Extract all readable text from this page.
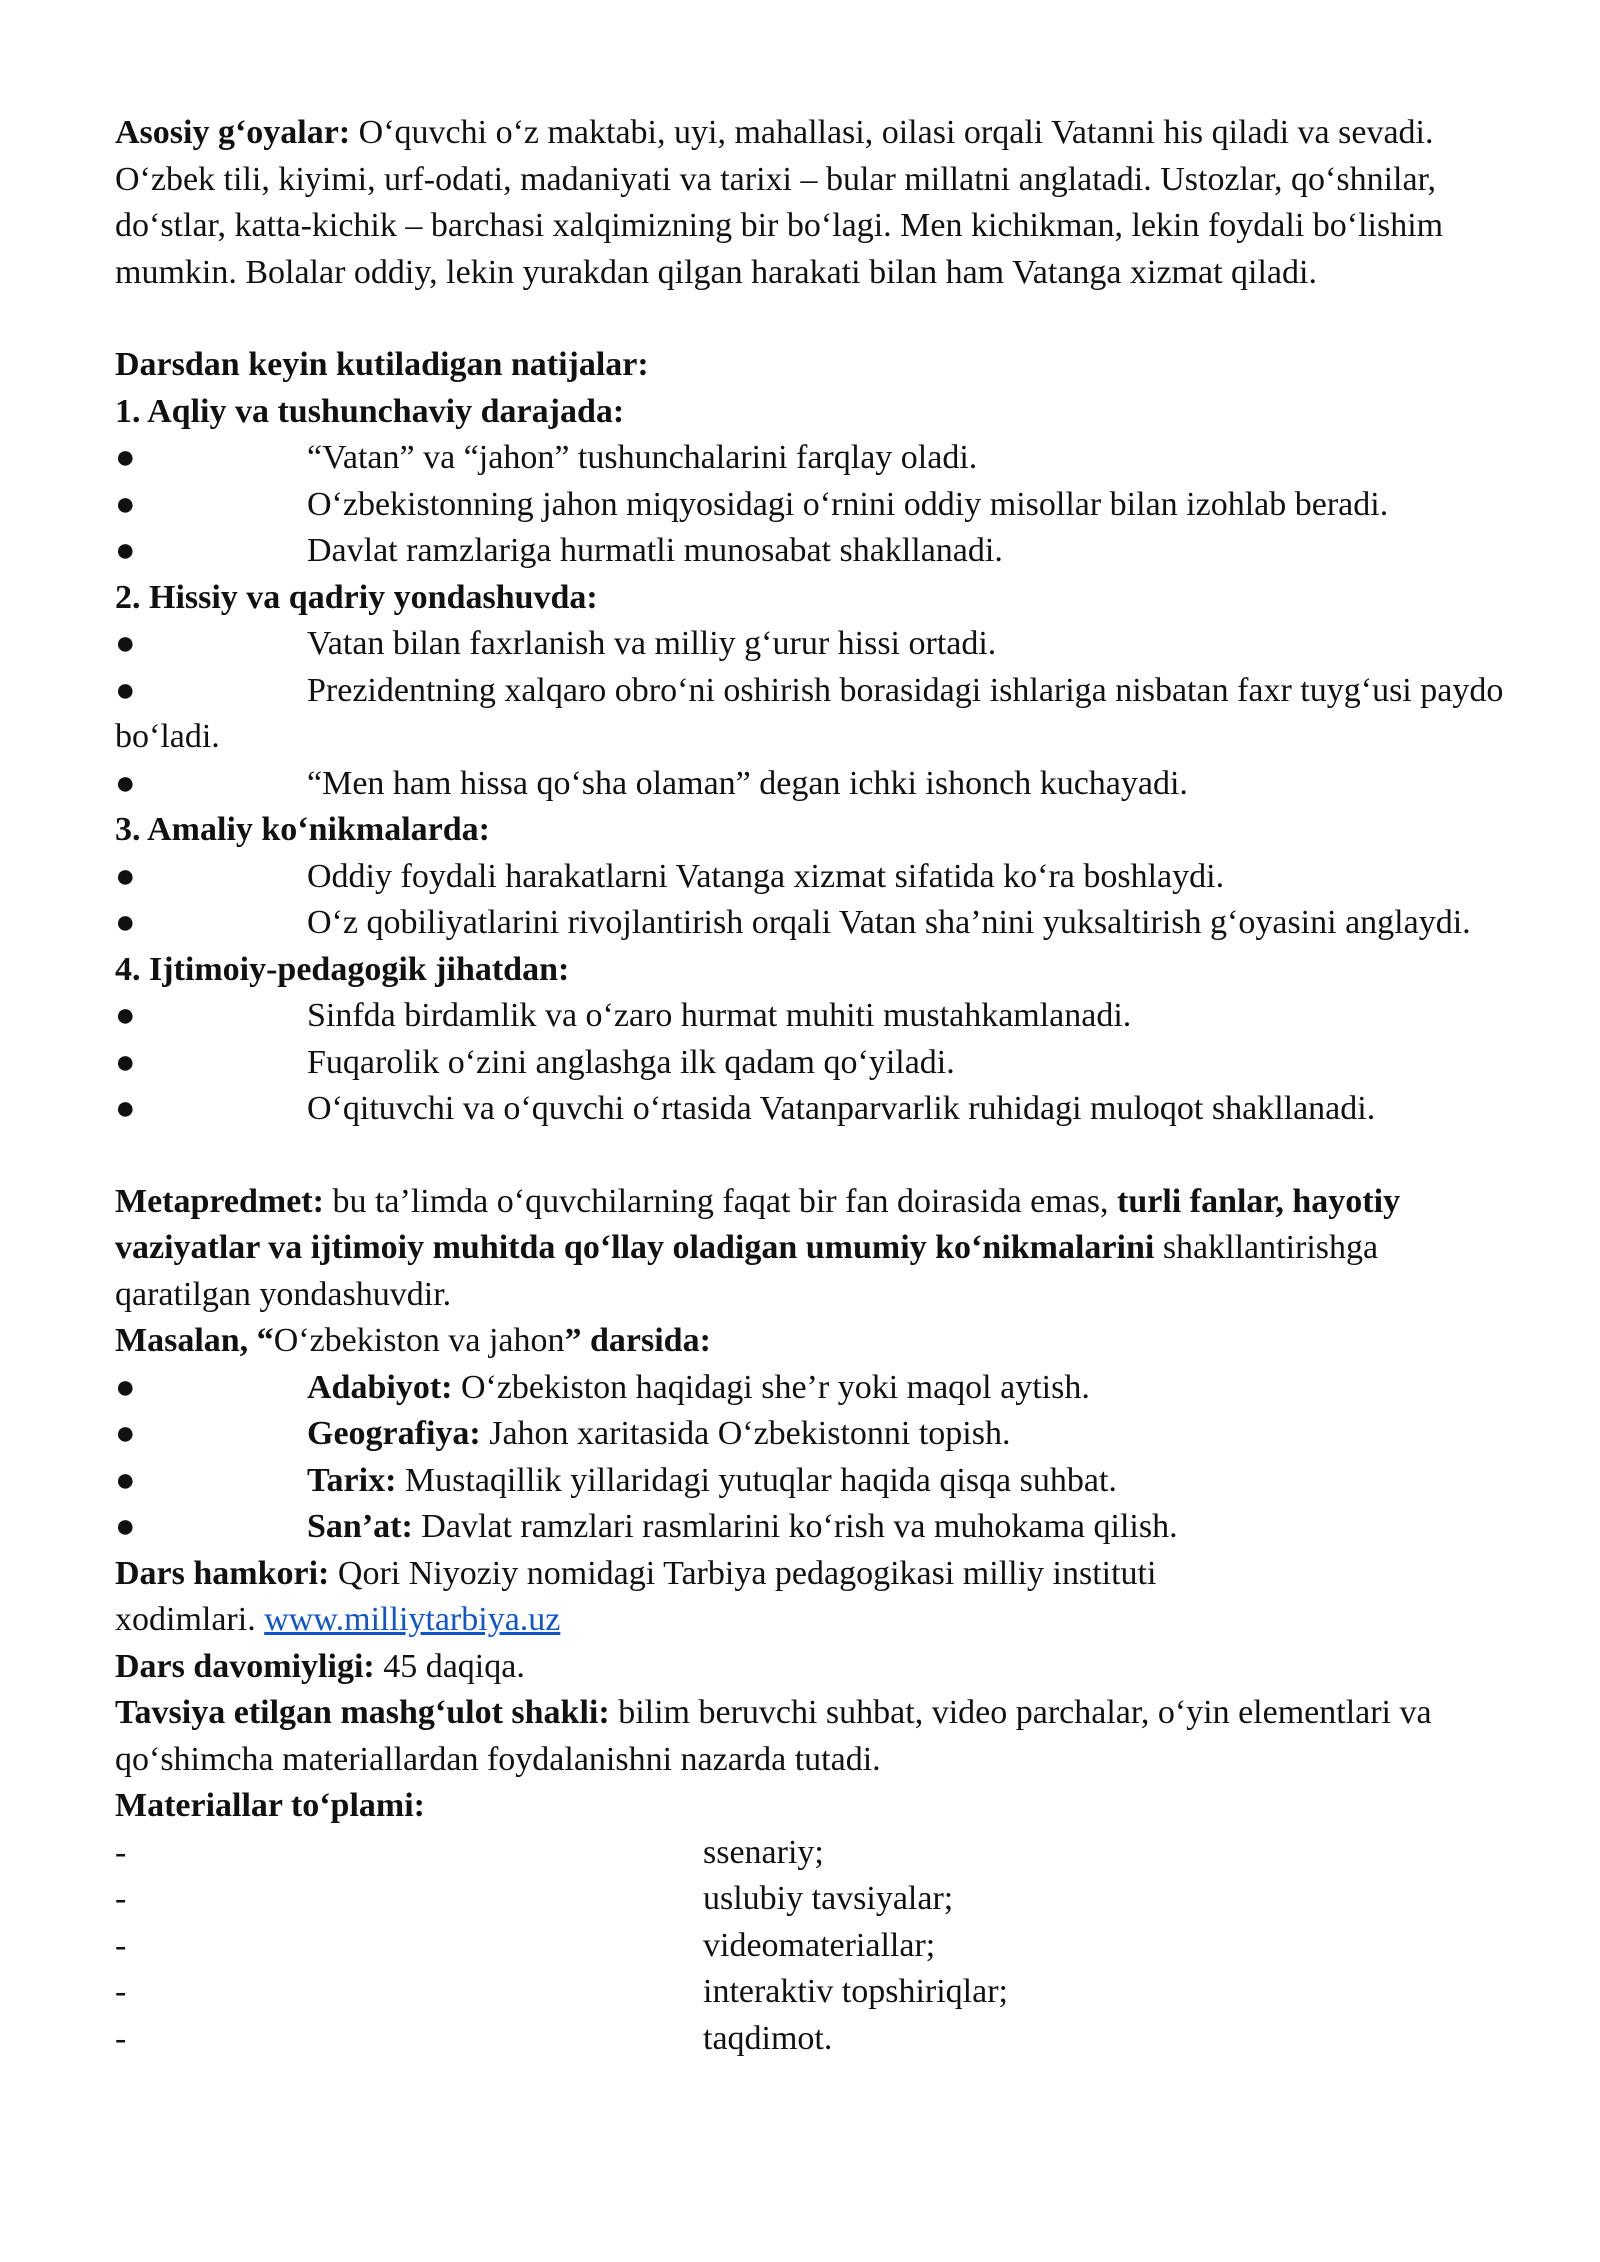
Asosiy g‘oyalar: O‘quvchi o‘z maktabi, uyi, mahallasi, oilasi orqali Vatanni his qiladi va sevadi. O‘zbek tili, kiyimi, urf-odati, madaniyati va tarixi – bular millatni anglatadi. Ustozlar, qo‘shnilar, do‘stlar, katta-kichik – barchasi xalqimizning bir bo‘lagi. Men kichikman, lekin foydali bo‘lishim mumkin. Bolalar oddiy, lekin yurakdan qilgan harakati bilan ham Vatanga xizmat qiladi.

Darsdan keyin kutiladigan natijalar:

1. Aqliy va tushunchaviy darajada:

●	“Vatan” va “jahon” tushunchalarini farqlay oladi.
●	O‘zbekistonning jahon miqyosidagi o‘rnini oddiy misollar bilan izohlab beradi.
●	Davlat ramzlariga hurmatli munosabat shakllanadi.

2. Hissiy va qadriy yondashuvda:

●	Vatan bilan faxrlanish va milliy g‘urur hissi ortadi.
●	Prezidentning xalqaro obro‘ni oshirish borasidagi ishlariga nisbatan faxr tuyg‘usi paydo bo‘ladi.
●	“Men ham hissa qo‘sha olaman” degan ichki ishonch kuchayadi.

3. Amaliy ko‘nikmalarda:

●	Oddiy foydali harakatlarni Vatanga xizmat sifatida ko‘ra boshlaydi.
●	O‘z qobiliyatlarini rivojlantirish orqali Vatan sha’nini yuksaltirish g‘oyasini anglaydi.

4. Ijtimoiy-pedagogik jihatdan:

●	Sinfda birdamlik va o‘zaro hurmat muhiti mustahkamlanadi.
●	Fuqarolik o‘zini anglashga ilk qadam qo‘yiladi.
●	O‘qituvchi va o‘quvchi o‘rtasida Vatanparvarlik ruhidagi muloqot shakllanadi.

Metapredmet: bu ta’limda o‘quvchilarning faqat bir fan doirasida emas, turli fanlar, hayotiy vaziyatlar va ijtimoiy muhitda qo‘llay oladigan umumiy ko‘nikmalarini shakllantirishga qaratilgan yondashuvdir.

Masalan, “O‘zbekiston va jahon” darsida:

●	Adabiyot: O‘zbekiston haqidagi she’r yoki maqol aytish.
●	Geografiya: Jahon xaritasida O‘zbekistonni topish.
●	Tarix: Mustaqillik yillaridagi yutuqlar haqida qisqa suhbat.
●	San’at: Davlat ramzlari rasmlarini ko‘rish va muhokama qilish.

Dars hamkori: Qori Niyoziy nomidagi Tarbiya pedagogikasi milliy instituti xodimlari. www.milliytarbiya.uz

Dars davomiyligi: 45 daqiqa.

Tavsiya etilgan mashg‘ulot shakli: bilim beruvchi suhbat, video parchalar, o‘yin elementlari va qo‘shimcha materiallardan foydalanishni nazarda tutadi.

Materiallar to‘plami:

-	ssenariy;
-	uslubiy tavsiyalar;
-	videomateriallar;
-	interaktiv topshiriqlar;
-	taqdimot.
